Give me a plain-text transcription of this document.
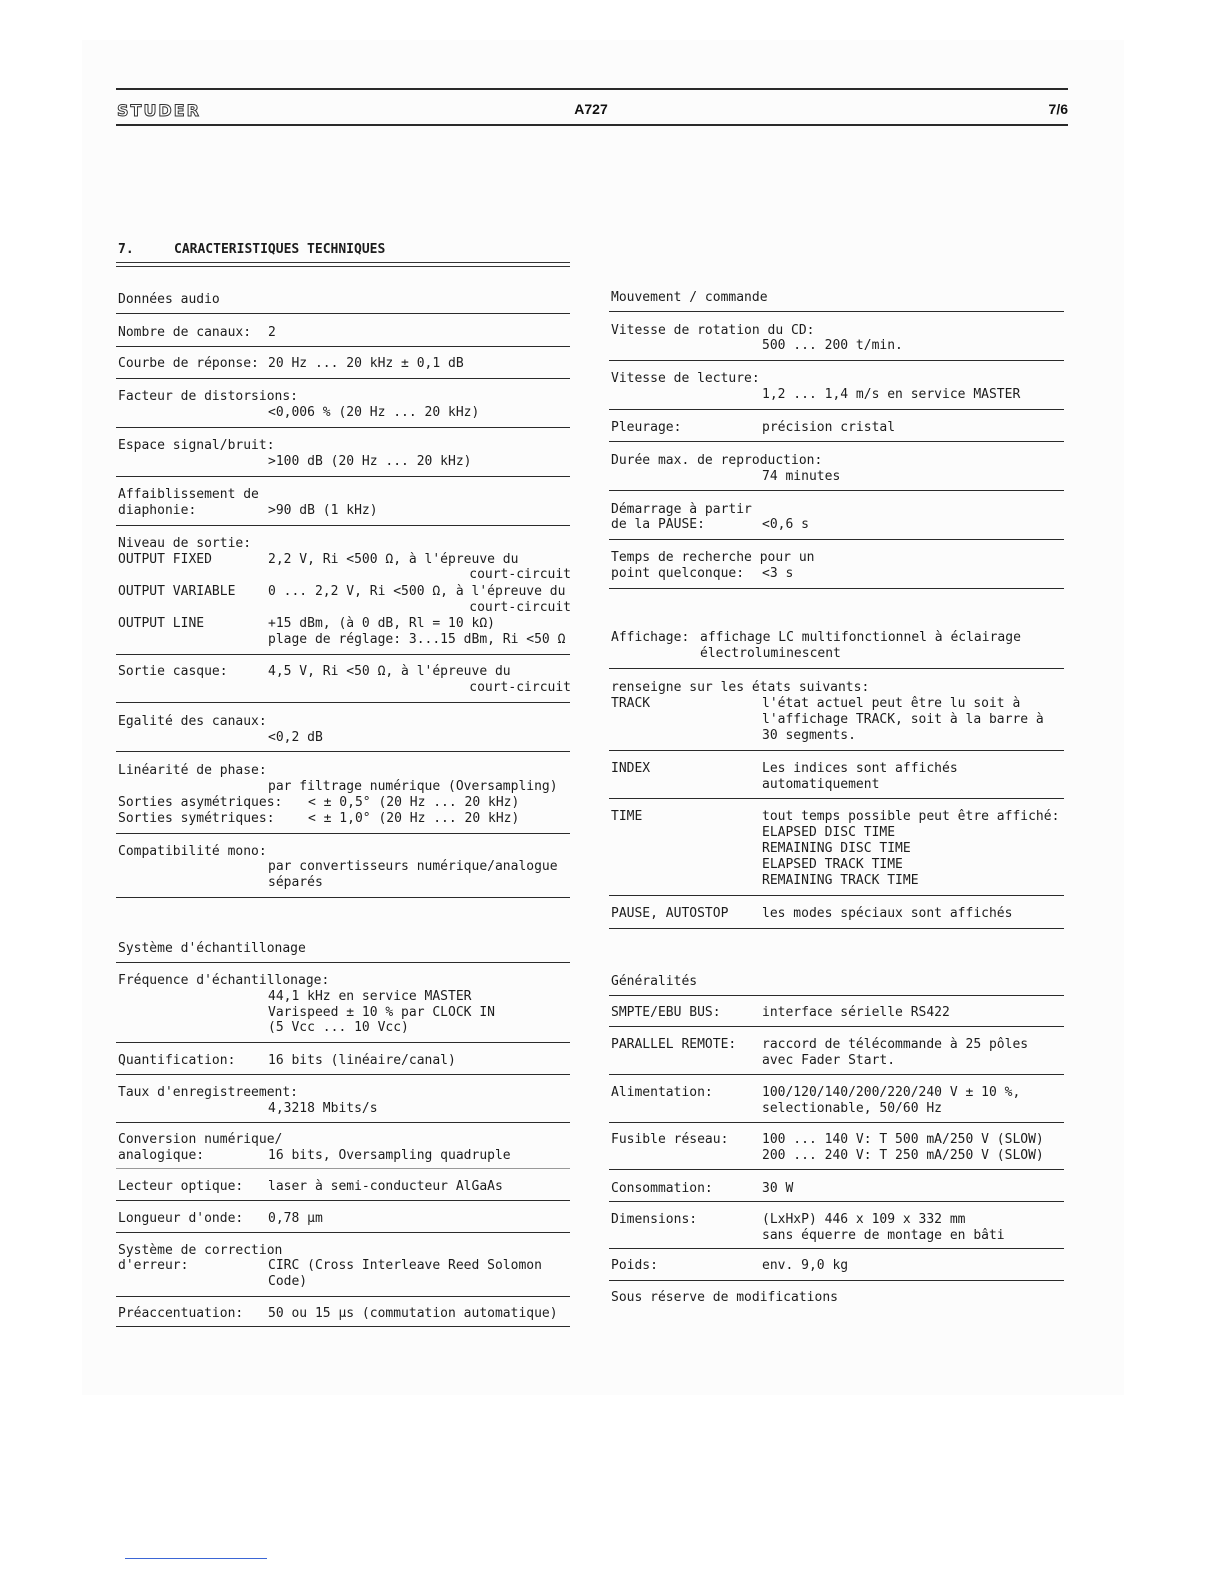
STUDER	A727	7/6
7.	CARACTERISTIQUES TECHNIQUES
Données audio
Nombre de canaux: 2
Courbe de réponse: 20 Hz ... 20 kHz ± 0,1 dB
Facteur de distorsions:
<0,006 % (20 Hz ... 20 kHz)
Espace signal/bruit:
>100 dB (20 Hz ... 20 kHz)
Affaiblissement de
diaphonie:	>90 dB (1 kHz)
Niveau de sortie:
OUTPUT FIXED	2,2 V, Ri <500 Ω, à l'épreuve du
court-circuit
OUTPUT VARIABLE	0 ... 2,2 V, Ri <500 Ω, à l'épreuve du
court-circuit
OUTPUT LINE	+15 dBm, (à 0 dB, Rl = 10 kΩ)
plage de réglage: 3...15 dBm, Ri <50 Ω
Sortie casque:	4,5 V, Ri <50 Ω, à l'épreuve du
court-circuit
Egalité des canaux:
<0,2 dB
Linéarité de phase:
par filtrage numérique (Oversampling)
Sorties asymétriques: < ± 0,5° (20 Hz ... 20 kHz)
Sorties symétriques:	< ± 1,0° (20 Hz ... 20 kHz)
Compatibilité mono:
par convertisseurs numérique/analogue
séparés
Système d'échantillonage
Fréquence d'échantillonage:
44,1 kHz en service MASTER
Varispeed ± 10 % par CLOCK IN
(5 Vcc ... 10 Vcc)
Quantification:	16 bits (linéaire/canal)
Taux d'enregistreement:
4,3218 Mbits/s
Conversion numérique/
analogique:	16 bits, Oversampling quadruple
Lecteur optique: laser à semi-conducteur AlGaAs
Longueur d'onde: 0,78 µm
Système de correction
d'erreur:	CIRC (Cross Interleave Reed Solomon
Code)
Préaccentuation: 50 ou 15 µs (commutation automatique)
Mouvement / commande
Vitesse de rotation du CD:
500 ... 200 t/min.
Vitesse de lecture:
1,2 ... 1,4 m/s en service MASTER
Pleurage:	précision cristal
Durée max. de reproduction:
74 minutes
Démarrage à partir
de la PAUSE:	<0,6 s
Temps de recherche pour un
point quelconque: <3 s
Affichage: affichage LC multifonctionnel à éclairage
électroluminescent
renseigne sur les états suivants:
TRACK	l'état actuel peut être lu soit à
l'affichage TRACK, soit à la barre à
30 segments.
INDEX	Les indices sont affichés
automatiquement
TIME	tout temps possible peut être affiché:
ELAPSED DISC TIME
REMAINING DISC TIME
ELAPSED TRACK TIME
REMAINING TRACK TIME
PAUSE, AUTOSTOP	les modes spéciaux sont affichés
Généralités
SMPTE/EBU BUS:	interface sérielle RS422
PARALLEL REMOTE: raccord de télécommande à 25 pôles
avec Fader Start.
Alimentation:	100/120/140/200/220/240 V ± 10 %,
selectionable, 50/60 Hz
Fusible réseau:	100 ... 140 V: T 500 mA/250 V (SLOW)
200 ... 240 V: T 250 mA/250 V (SLOW)
Consommation:	30 W
Dimensions:	(LxHxP) 446 x 109 x 332 mm
sans équerre de montage en bâti
Poids:	env. 9,0 kg
Sous réserve de modifications
